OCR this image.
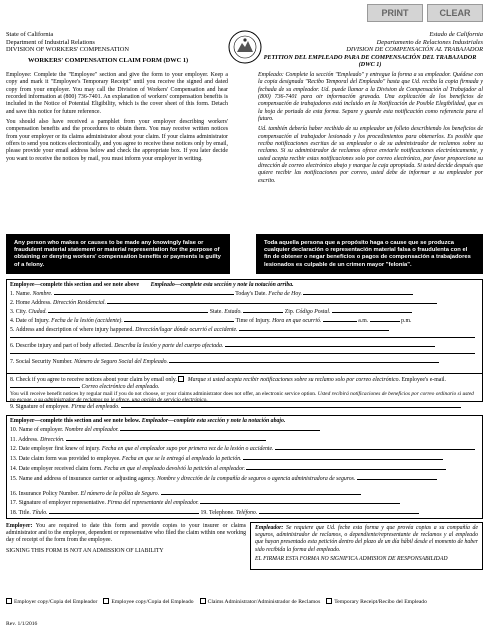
PRINT	CLEAR
State of California
Department of Industrial Relations
DIVISION OF WORKERS' COMPENSATION
Estado de California
Departamento de Relaciones Industriales
DIVISION DE COMPENSACIÓN AL TRABAJADOR
WORKERS' COMPENSATION CLAIM FORM (DWC 1)	PETITION DEL EMPLEADO PARA DE COMPENSACIÓN DEL TRABAJADOR (DWC 1)
Employee: Complete the "Employee" section and give the form to your employer. Keep a copy and mark it "Employee's Temporary Receipt" until you receive the signed and dated copy from your employer. You may call the Division of Workers' Compensation and hear recorded information at (800) 736-7401. An explanation of workers' compensation benefits is included in the Notice of Potential Eligibility, which is the cover sheet of this form. Detach and save this notice for future reference.
You should also have received a pamphlet from your employer describing workers' compensation benefits and the procedures to obtain them. You may receive written notices from your employer or its claims administrator about your claim. If your claims administrator offers to send you notices electronically, and you agree to receive these notices only by email, please provide your email address below and check the appropriate box. If you later decide you want to receive the notices by mail, you must inform your employer in writing.
Empleado: Complete la sección "Empleado" y entregue la forma a su empleador. Quédese con la copia designada "Recibo Temporal del Empleado" hasta que Ud. reciba la copia firmada y fechada de su empleador. Ud. puede llamar a la Division de Compensación al Trabajador al (800) 736-7401 para oir información gravada. Una explicación de los beneficios de compensación de trabajadores está incluido en la Notificación de Posible Elegibilidad, que es la hoja de portada de esta forma. Separe y guarde esta notificación como referencia para el futuro.
Ud. también debería haber recibido de su empleador un folleto describiendo los beneficios de compensación al trabajador lesionado y los procedimientos para obtenerlos. Es posible que reciba notificaciones escritas de su empleador o de su administrador de reclamos sobre su reclamo. Si su administrador de reclamos ofrece enviarle notificaciones electrónicamente, y usted acepta recibir estas notificaciones solo por correo electrónico, por favor proporcione su dirección de correo electrónico abajo y marque la caja apropiada. Si usted decide después que quiere recibir las notificaciones por correo, usted debe de informar a su empleador por escrito.
Any person who makes or causes to be made any knowingly false or fraudulent material statement or material representation for the purpose of obtaining or denying workers' compensation benefits or payments is guilty of a felony.
Toda aquella persona que a propósito haga o cause que se produzca cualquier declaración o representación material falsa o fraudulenta con el fin de obtener o negar beneficios o pagos de compensación a trabajadores lesionados es culpable de un crimen mayor "felonía".
Employee—complete this section and see note above Empleado—complete esta sección y note la notación arriba.
1. Name. Nombre.	Today's Date. Fecha de Hoy.
2. Home Address. Dirección Residencial.
3. City. Ciudad.	State. Estado.	Zip. Código Postal.
4. Date of Injury. Fecha de la lesión (accidente).	Time of Injury. Hora en que ocurrió.	a.m.	p.m.
5. Address and description of where injury happened. Dirección/lugar dónde ocurrió el accidente.
6. Describe injury and part of body affected. Describa la lesión y parte del cuerpo afectada.
7. Social Security Number. Número de Seguro Social del Empleado.
8. Check if you agree to receive notices about your claim by email only. Marque si usted acepta recibir notificaciones sobre su reclamo solo por correo electrónico. Employee's e-mail.  Correo electrónico del empleado.
You will receive benefit notices by regular mail if you do not choose, or your claims administrator does not offer, an electronic service option. Usted recibirá notificaciones de beneficios por correo ordinario si usted no escoge, o su administrador de reclamos no le ofrece, una opción de servicio electrónico.
9. Signature of employee. Firma del empleado.
Employer—complete this section and see note below. Empleador—complete esta sección y note la notación abajo.
10. Name of employer. Nombre del empleador.
11. Address. Dirección.
12. Date employer first knew of injury. Fecha en que el empleador supo por primera vez de la lesión o accidente.
13. Date claim form was provided to employee. Fecha en que se le entregó al empleado la petición.
14. Date employer received claim form. Fecha en que el empleado devolvió la petición al empleador.
15. Name and address of insurance carrier or adjusting agency. Nombre y dirección de la compañía de seguros o agencia administradora de seguros.
16. Insurance Policy Number. El número de la póliza de Seguro.
17. Signature of employer representative. Firma del representante del empleador.
18. Title. Título.	19. Telephone. Teléfono.
Employer: You are required to date this form and provide copies to your insurer or claims administrator and to the employee, dependent or representative who filed the claim within one working day of receipt of the form from the employee.
SIGNING THIS FORM IS NOT AN ADMISSION OF LIABILITY
Empleador: Se requiere que Ud. feche esta forma y que provéa copias a su compañía de seguros, administrador de reclamos, o dependiente/representante de reclamos y al empleado que hayan presentado esta petición dentro del plazo de un día hábil desde el momento de haber sido recibida la forma del empleado.
EL FIRMAR ESTA FORMA NO SIGNIFICA ADMISION DE RESPONSABILIDAD
Employer copy/Copia del Empleador	Employee copy/Copia del Empleado	Claims Administrator/Administrador de Reclamos	Temporary Receipt/Recibo del Empleado
Rev. 1/1/2016
